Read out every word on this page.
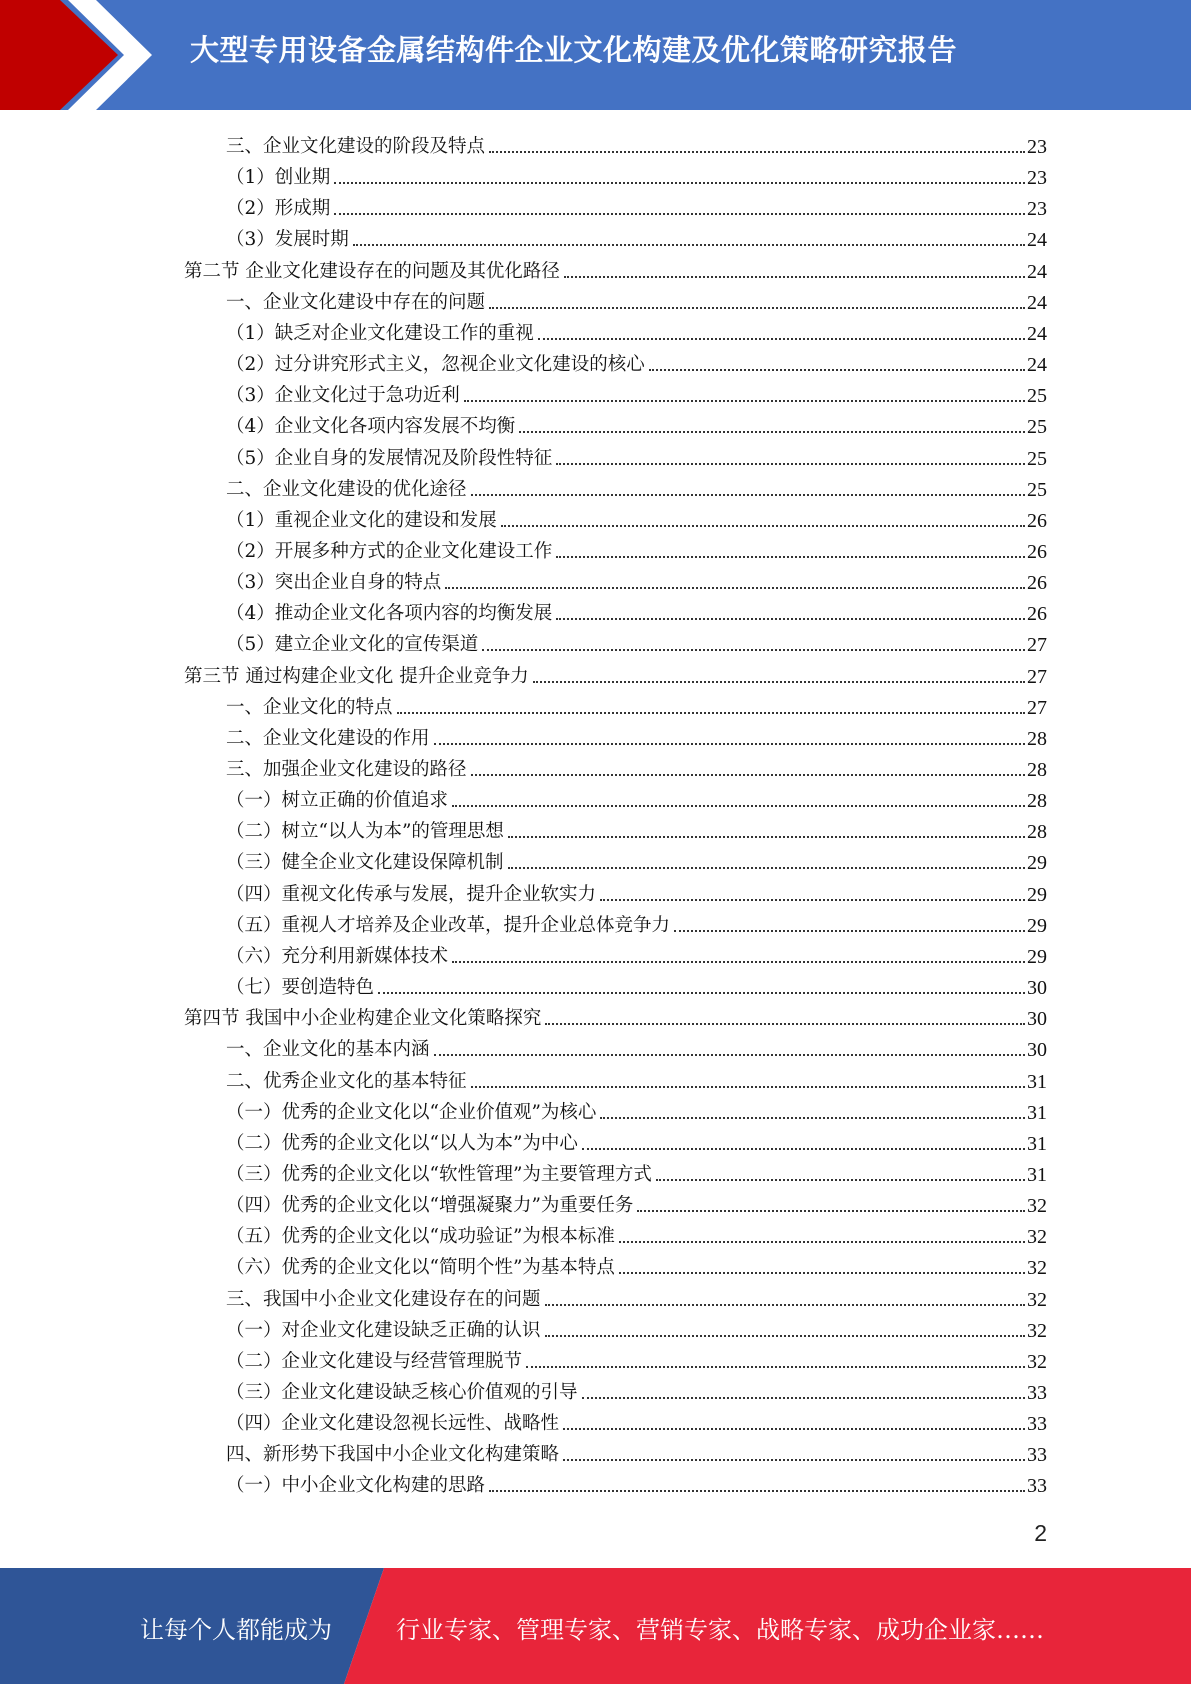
大型专用设备金属结构件企业文化构建及优化策略研究报告
三、企业文化建设的阶段及特点	23
（1）创业期	23
（2）形成期	23
（3）发展时期	24
第二节 企业文化建设存在的问题及其优化路径	24
一、企业文化建设中存在的问题	24
（1）缺乏对企业文化建设工作的重视	24
（2）过分讲究形式主义，忽视企业文化建设的核心	24
（3）企业文化过于急功近利	25
（4）企业文化各项内容发展不均衡	25
（5）企业自身的发展情况及阶段性特征	25
二、企业文化建设的优化途径	25
（1）重视企业文化的建设和发展	26
（2）开展多种方式的企业文化建设工作	26
（3）突出企业自身的特点	26
（4）推动企业文化各项内容的均衡发展	26
（5）建立企业文化的宣传渠道	27
第三节 通过构建企业文化 提升企业竞争力	27
一、企业文化的特点	27
二、企业文化建设的作用	28
三、加强企业文化建设的路径	28
（一）树立正确的价值追求	28
（二）树立“以人为本”的管理思想	28
（三）健全企业文化建设保障机制	29
（四）重视文化传承与发展，提升企业软实力	29
（五）重视人才培养及企业改革，提升企业总体竞争力	29
（六）充分利用新媒体技术	29
（七）要创造特色	30
第四节 我国中小企业构建企业文化策略探究	30
一、企业文化的基本内涵	30
二、优秀企业文化的基本特征	31
（一）优秀的企业文化以“企业价值观”为核心	31
（二）优秀的企业文化以“以人为本”为中心	31
（三）优秀的企业文化以“软性管理”为主要管理方式	31
（四）优秀的企业文化以“增强凝聚力”为重要任务	32
（五）优秀的企业文化以“成功验证”为根本标准	32
（六）优秀的企业文化以“简明个性”为基本特点	32
三、我国中小企业文化建设存在的问题	32
（一）对企业文化建设缺乏正确的认识	32
（二）企业文化建设与经营管理脱节	32
（三）企业文化建设缺乏核心价值观的引导	33
（四）企业文化建设忽视长远性、战略性	33
四、新形势下我国中小企业文化构建策略	33
（一）中小企业文化构建的思路	33
2
让每个人都能成为	行业专家、管理专家、营销专家、战略专家、成功企业家……
